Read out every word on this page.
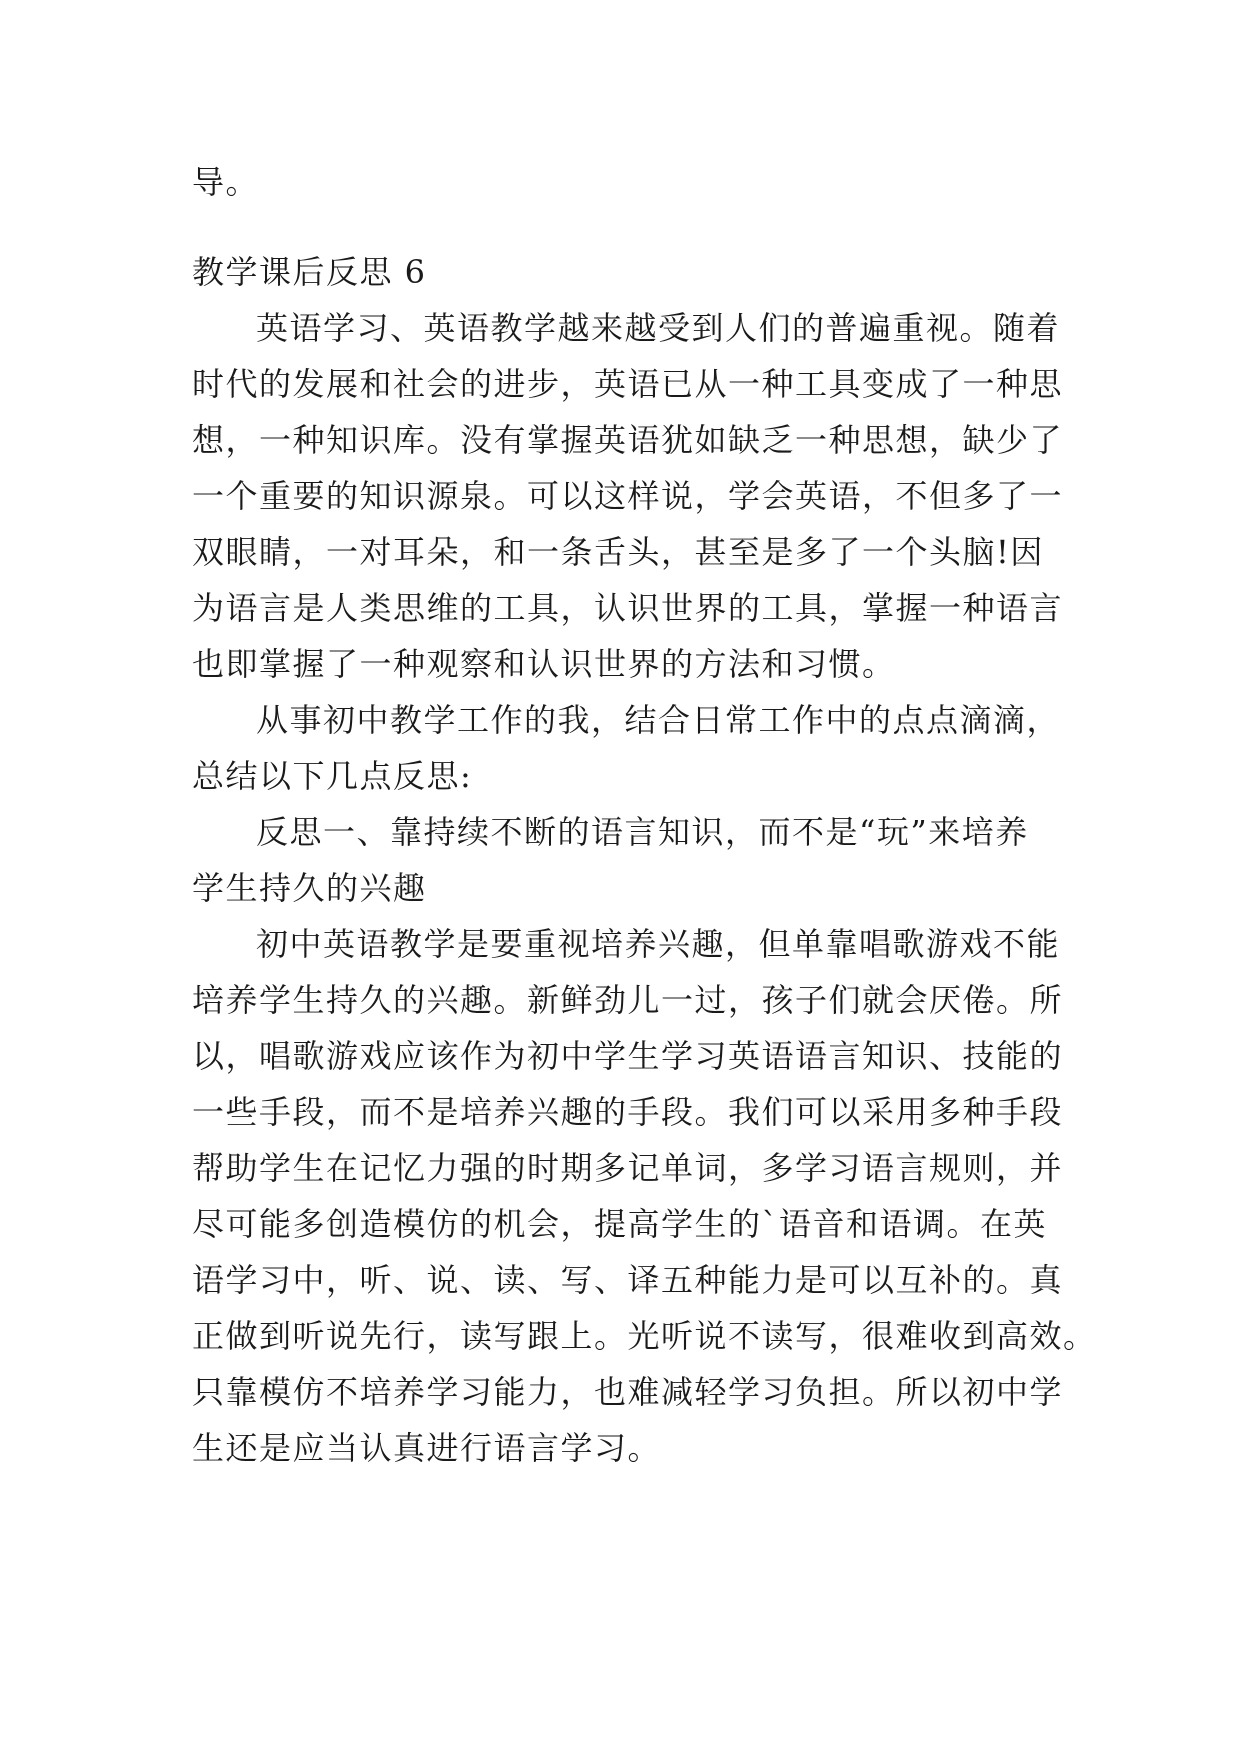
导。
教学课后反思 6
英语学习、英语教学越来越受到人们的普遍重视。随着
时代的发展和社会的进步，英语已从一种工具变成了一种思
想，一种知识库。没有掌握英语犹如缺乏一种思想，缺少了
一个重要的知识源泉。可以这样说，学会英语，不但多了一
双眼睛，一对耳朵，和一条舌头，甚至是多了一个头脑!因
为语言是人类思维的工具，认识世界的工具，掌握一种语言
也即掌握了一种观察和认识世界的方法和习惯。
从事初中教学工作的我，结合日常工作中的点点滴滴，
总结以下几点反思:
反思一、靠持续不断的语言知识，而不是“玩”来培养
学生持久的兴趣
初中英语教学是要重视培养兴趣，但单靠唱歌游戏不能
培养学生持久的兴趣。新鲜劲儿一过，孩子们就会厌倦。所
以，唱歌游戏应该作为初中学生学习英语语言知识、技能的
一些手段，而不是培养兴趣的手段。我们可以采用多种手段
帮助学生在记忆力强的时期多记单词，多学习语言规则，并
尽可能多创造模仿的机会，提高学生的`语音和语调。在英
语学习中，听、说、读、写、译五种能力是可以互补的。真
正做到听说先行，读写跟上。光听说不读写，很难收到高效。
只靠模仿不培养学习能力，也难减轻学习负担。所以初中学
生还是应当认真进行语言学习。
